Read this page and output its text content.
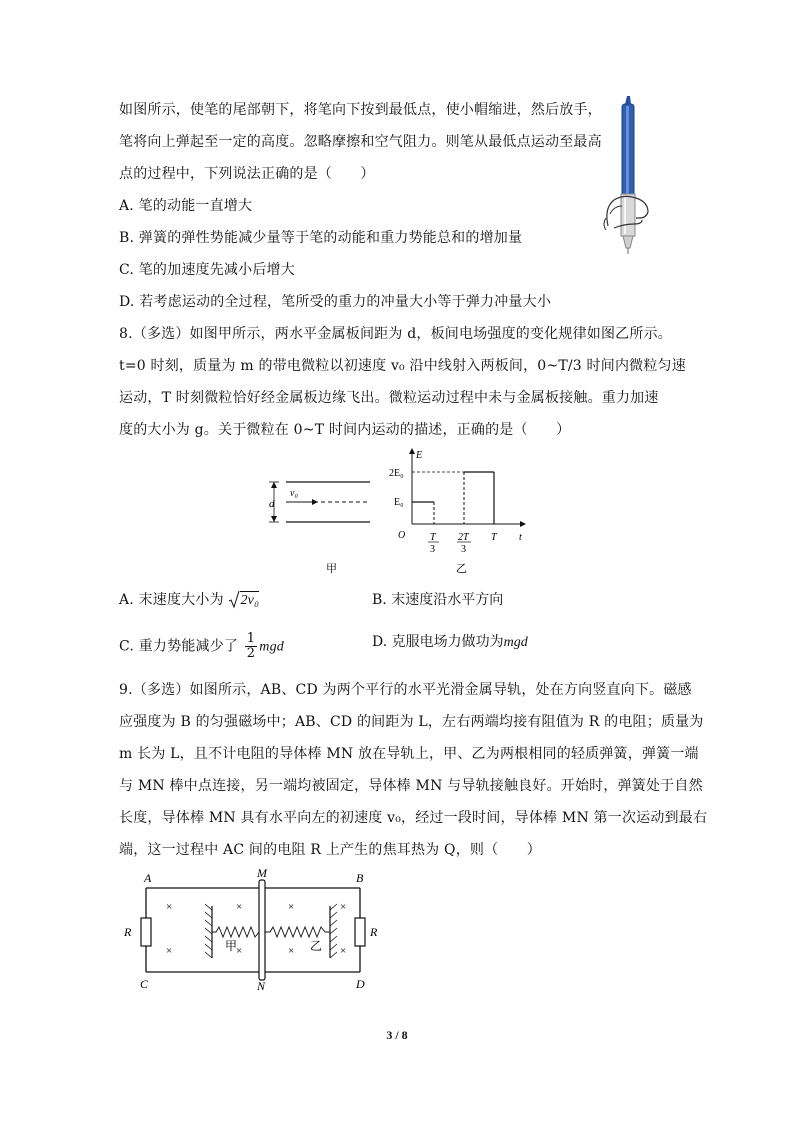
如图所示，使笔的尾部朝下，将笔向下按到最低点，使小帽缩进，然后放手，
笔将向上弹起至一定的高度。忽略摩擦和空气阻力。则笔从最低点运动至最高
点的过程中，下列说法正确的是（　　）
A. 笔的动能一直增大
B. 弹簧的弹性势能减少量等于笔的动能和重力势能总和的增加量
C. 笔的加速度先减小后增大
D. 若考虑运动的全过程，笔所受的重力的冲量大小等于弹力冲量大小
8.（多选）如图甲所示，两水平金属板间距为 d，板间电场强度的变化规律如图乙所示。
t=0 时刻，质量为 m 的带电微粒以初速度 v₀ 沿中线射入两板间，0~T/3 时间内微粒匀速
运动，T 时刻微粒恰好经金属板边缘飞出。微粒运动过程中未与金属板接触。重力加速
度的大小为 g。关于微粒在 0~T 时间内运动的描述，正确的是（　　）
v₀
d
甲
E
t
O
2E₀
E₀
T
3
2T
3
T
乙
A. 末速度大小为 2v₀	B. 末速度沿水平方向
C. 重力势能减少了 $\frac{1}{2}$ mgd	D. 克服电场力做功为mgd
9.（多选）如图所示，AB、CD 为两个平行的水平光滑金属导轨，处在方向竖直向下。磁感
应强度为 B 的匀强磁场中；AB、CD 的间距为 L，左右两端均接有阻值为 R 的电阻；质量为
m 长为 L，且不计电阻的导体棒 MN 放在导轨上，甲、乙为两根相同的轻质弹簧，弹簧一端
与 MN 棒中点连接，另一端均被固定，导体棒 MN 与导轨接触良好。开始时，弹簧处于自然
长度，导体棒 MN 具有水平向左的初速度 v₀，经过一段时间，导体棒 MN 第一次运动到最右
端，这一过程中 AC 间的电阻 R 上产生的焦耳热为 Q，则（　　）
×
×
×
×
×
×
×
×
A	B
C	D
M
N
R	R
甲	乙
3 / 8
